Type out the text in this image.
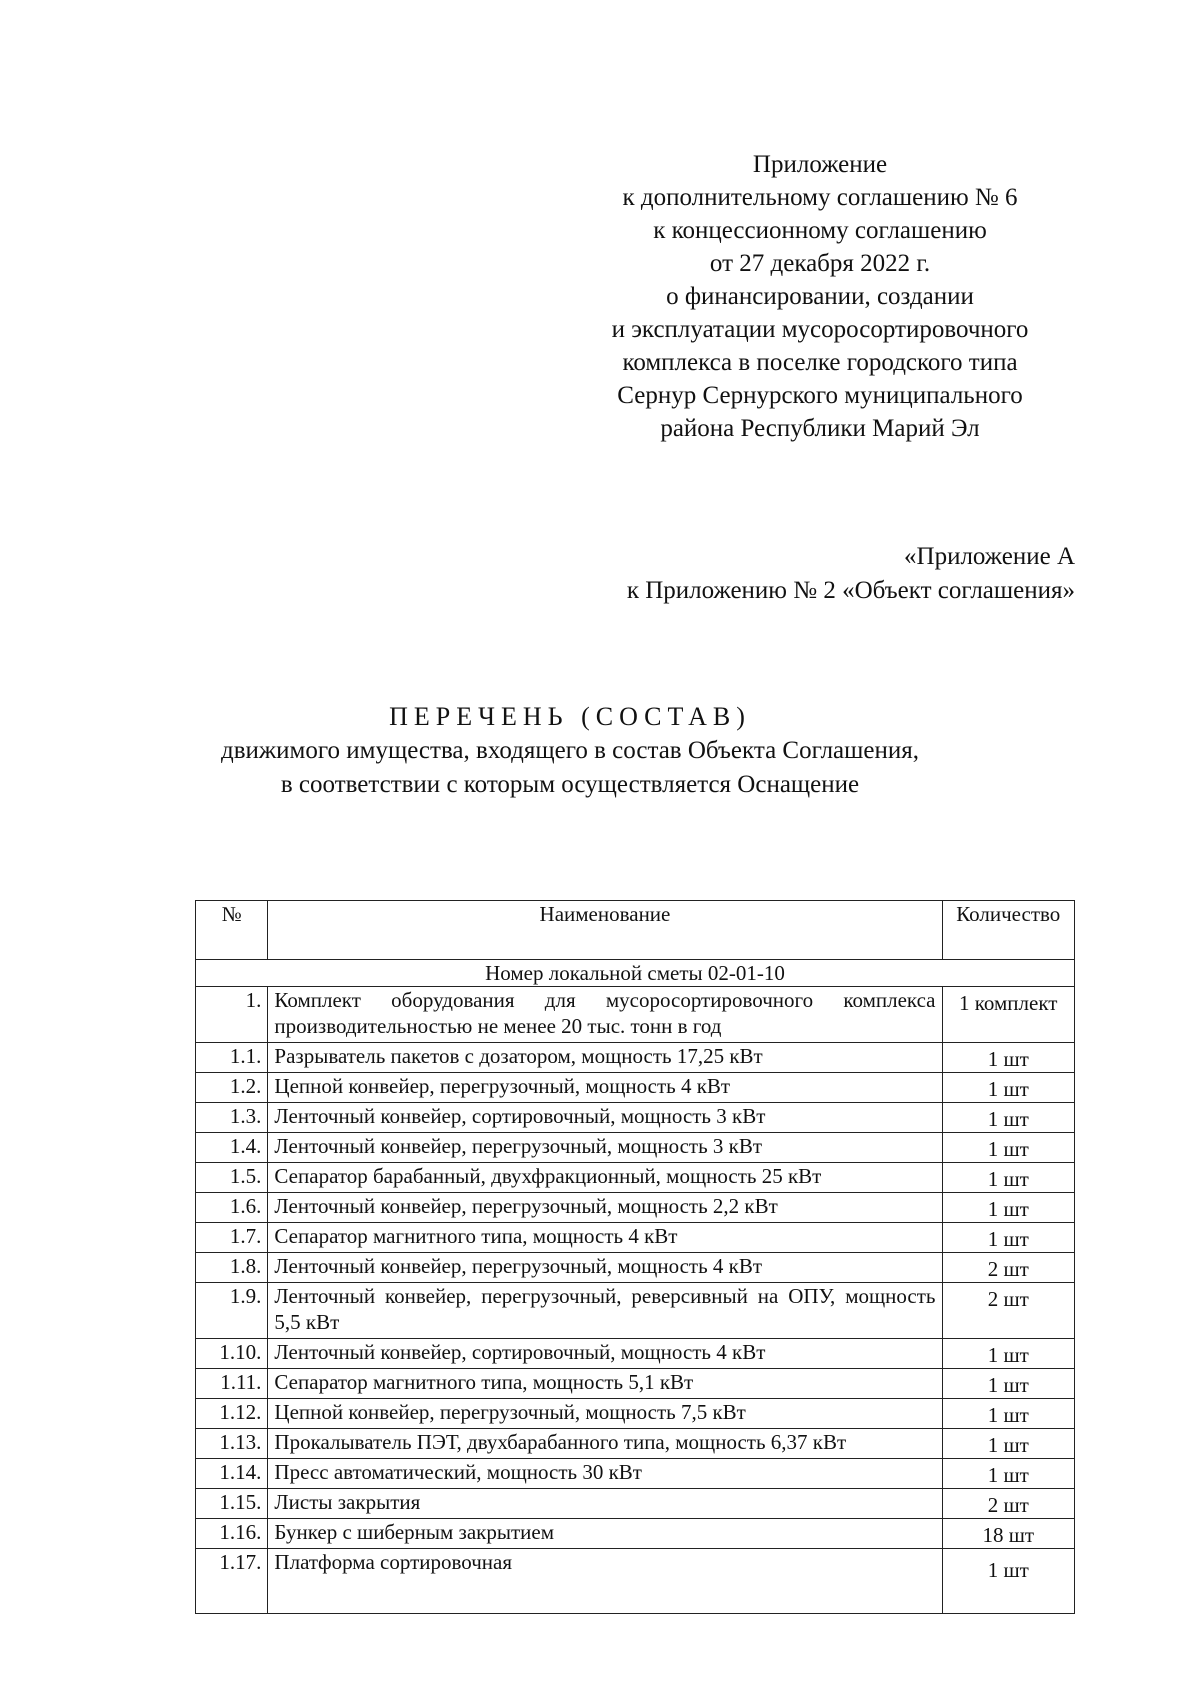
Приложение
к дополнительному соглашению № 6
к концессионному соглашению
от 27 декабря 2022 г.
о финансировании, создании
и эксплуатации мусоросортировочного
комплекса в поселке городского типа
Сернур Сернурского муниципального
района Республики Марий Эл
«Приложение А
к Приложению № 2 «Объект соглашения»
ПЕРЕЧЕНЬ (СОСТАВ)
движимого имущества, входящего в состав Объекта Соглашения,
в соответствии с которым осуществляется Оснащение
№	Наименование	Количество
Номер локальной сметы 02-01-10		
1.	Комплект оборудования для мусоросортировочного комплекса производительностью не менее 20 тыс. тонн в год	1 комплект
1.1.	Разрыватель пакетов с дозатором, мощность 17,25 кВт	1 шт
1.2.	Цепной конвейер, перегрузочный, мощность 4 кВт	1 шт
1.3.	Ленточный конвейер, сортировочный, мощность 3 кВт	1 шт
1.4.	Ленточный конвейер, перегрузочный, мощность 3 кВт	1 шт
1.5.	Сепаратор барабанный, двухфракционный, мощность 25 кВт	1 шт
1.6.	Ленточный конвейер, перегрузочный, мощность 2,2 кВт	1 шт
1.7.	Сепаратор магнитного типа, мощность 4 кВт	1 шт
1.8.	Ленточный конвейер, перегрузочный, мощность 4 кВт	2 шт
1.9.	Ленточный конвейер, перегрузочный, реверсивный на ОПУ, мощность 5,5 кВт	2 шт
1.10.	Ленточный конвейер, сортировочный, мощность 4 кВт	1 шт
1.11.	Сепаратор магнитного типа, мощность 5,1 кВт	1 шт
1.12.	Цепной конвейер, перегрузочный, мощность 7,5 кВт	1 шт
1.13.	Прокалыватель ПЭТ, двухбарабанного типа, мощность 6,37 кВт	1 шт
1.14.	Пресс автоматический, мощность 30 кВт	1 шт
1.15.	Листы закрытия	2 шт
1.16.	Бункер с шиберным закрытием	18 шт
1.17.	Платформа сортировочная	1 шт
